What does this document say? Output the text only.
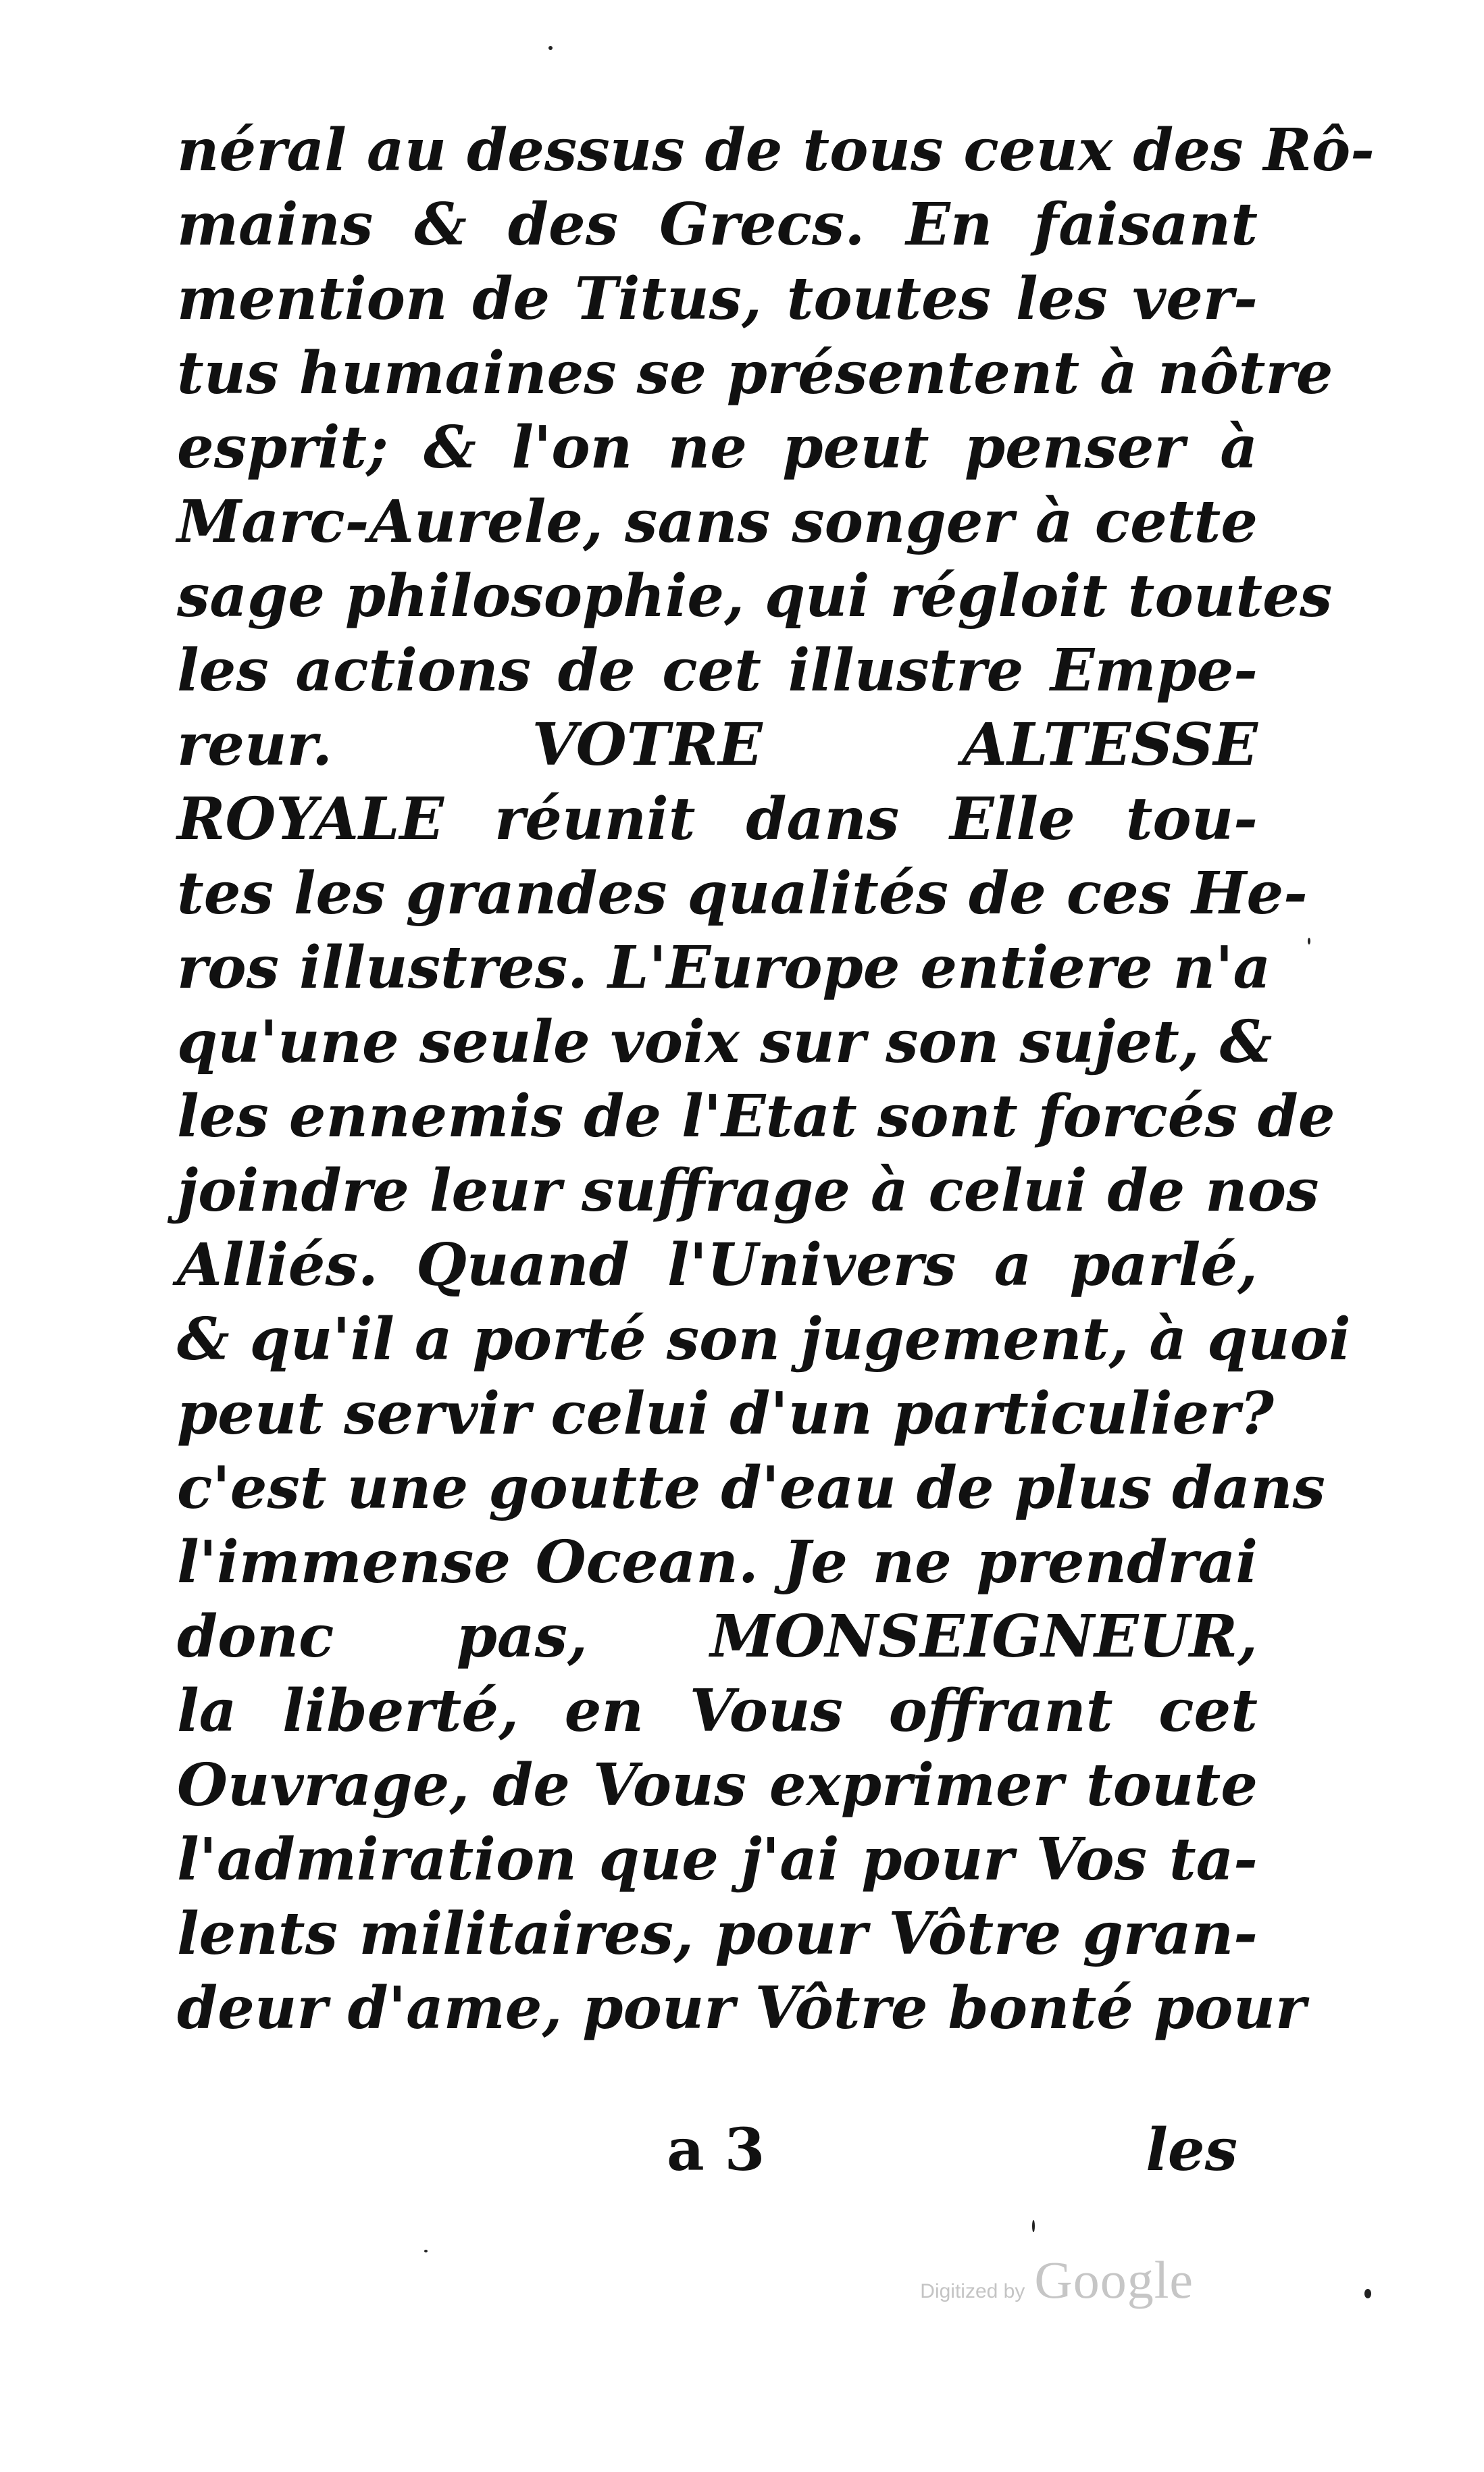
néral au dessus de tous ceux des Rô-
mains & des Grecs. En faisant
mention de Titus, toutes les ver-
tus humaines se présentent à nôtre
esprit; & l'on ne peut penser à
Marc-Aurele, sans songer à cette
sage philosophie, qui régloit toutes
les actions de cet illustre Empe-
reur. VOTRE ALTESSE
ROYALE réunit dans Elle tou-
tes les grandes qualités de ces He-
ros illustres. L'Europe entiere n'a
qu'une seule voix sur son sujet, &
les ennemis de l'Etat sont forcés de
joindre leur suffrage à celui de nos
Alliés. Quand l'Univers a parlé,
& qu'il a porté son jugement, à quoi
peut servir celui d'un particulier?
c'est une goutte d'eau de plus dans
l'immense Ocean. Je ne prendrai
donc pas, MONSEIGNEUR,
la liberté, en Vous offrant cet
Ouvrage, de Vous exprimer toute
l'admiration que j'ai pour Vos ta-
lents militaires, pour Vôtre gran-
deur d'ame, pour Vôtre bonté pour
a 3	les
Digitized by Google
